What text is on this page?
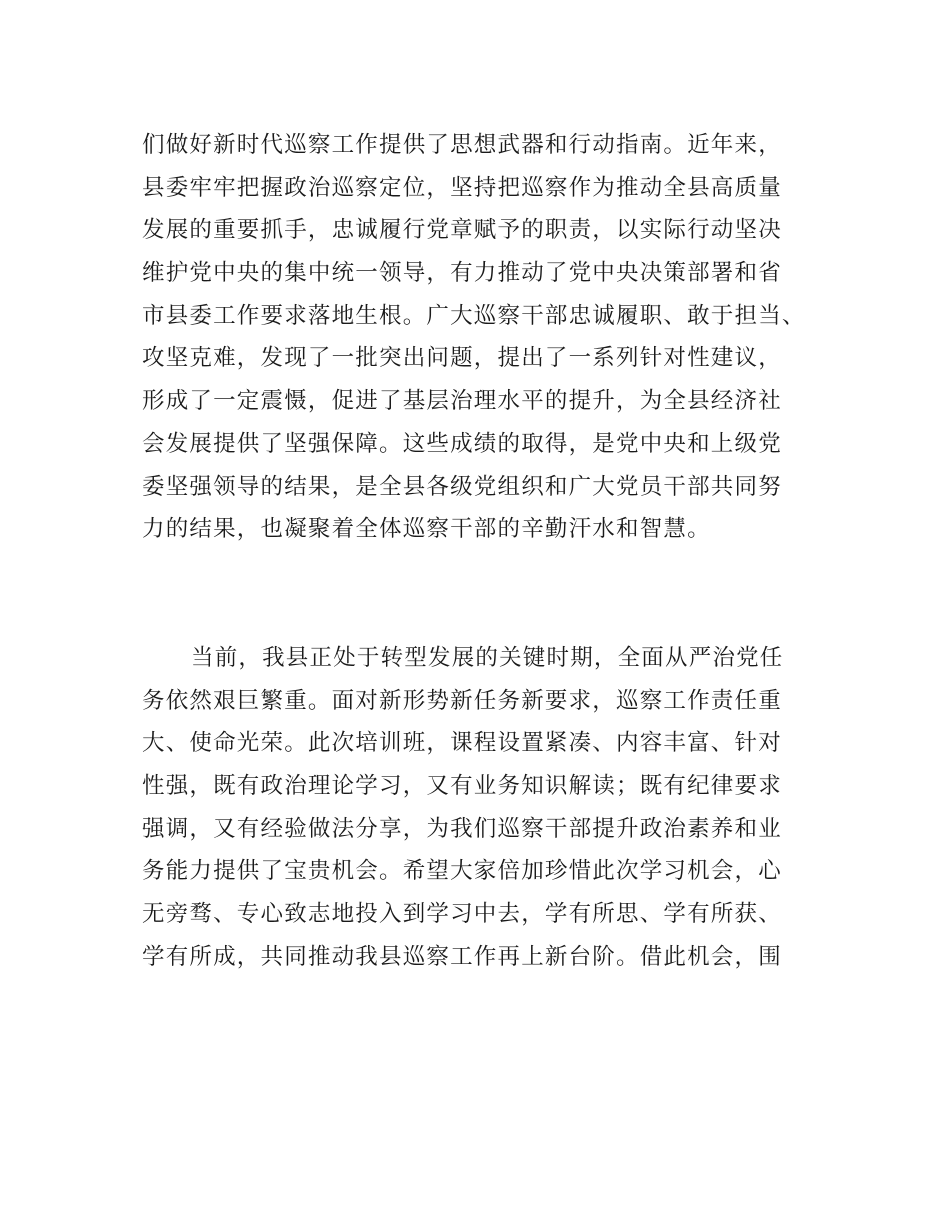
们做好新时代巡察工作提供了思想武器和行动指南。近年来，
县委牢牢把握政治巡察定位，坚持把巡察作为推动全县高质量
发展的重要抓手，忠诚履行党章赋予的职责，以实际行动坚决
维护党中央的集中统一领导，有力推动了党中央决策部署和省
市县委工作要求落地生根。广大巡察干部忠诚履职、敢于担当、
攻坚克难，发现了一批突出问题，提出了一系列针对性建议，
形成了一定震慑，促进了基层治理水平的提升，为全县经济社
会发展提供了坚强保障。这些成绩的取得，是党中央和上级党
委坚强领导的结果，是全县各级党组织和广大党员干部共同努
力的结果，也凝聚着全体巡察干部的辛勤汗水和智慧。
当前，我县正处于转型发展的关键时期，全面从严治党任
务依然艰巨繁重。面对新形势新任务新要求，巡察工作责任重
大、使命光荣。此次培训班，课程设置紧凑、内容丰富、针对
性强，既有政治理论学习，又有业务知识解读；既有纪律要求
强调，又有经验做法分享，为我们巡察干部提升政治素养和业
务能力提供了宝贵机会。希望大家倍加珍惜此次学习机会，心
无旁骛、专心致志地投入到学习中去，学有所思、学有所获、
学有所成，共同推动我县巡察工作再上新台阶。借此机会，围
